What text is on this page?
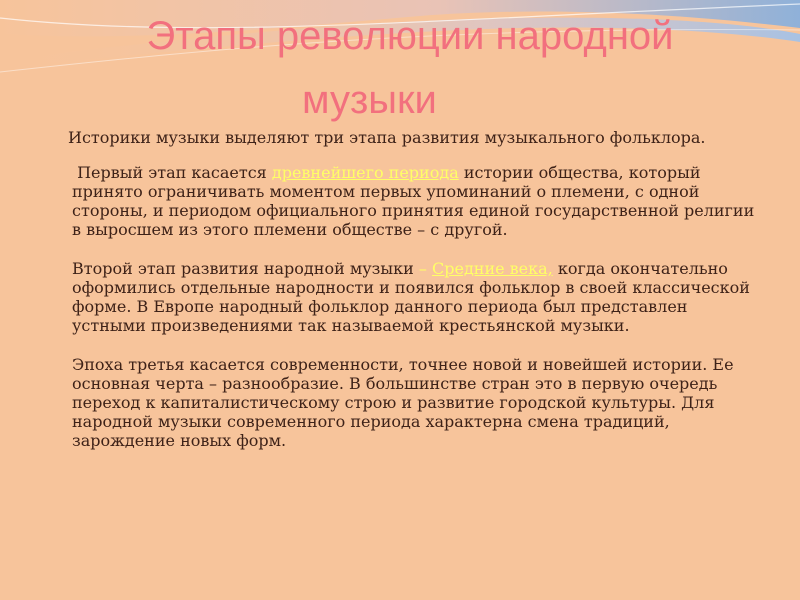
Этапы революции народной
музыки

Историки музыки выделяют три этапа развития музыкального фольклора.

Первый этап касается древнейшего периода истории общества, который принято ограничивать моментом первых упоминаний о племени, с одной стороны, и периодом официального принятия единой государственной религии в выросшем из этого племени обществе – с другой.

Второй этап развития народной музыки – Средние века, когда окончательно оформились отдельные народности и появился фольклор в своей классической форме. В Европе народный фольклор данного периода был представлен устными произведениями так называемой крестьянской музыки.

Эпоха третья касается современности, точнее новой и новейшей истории. Ее основная черта – разнообразие. В большинстве стран это в первую очередь переход к капиталистическому строю и развитие городской культуры. Для народной музыки современного периода характерна смена традиций, зарождение новых форм.
